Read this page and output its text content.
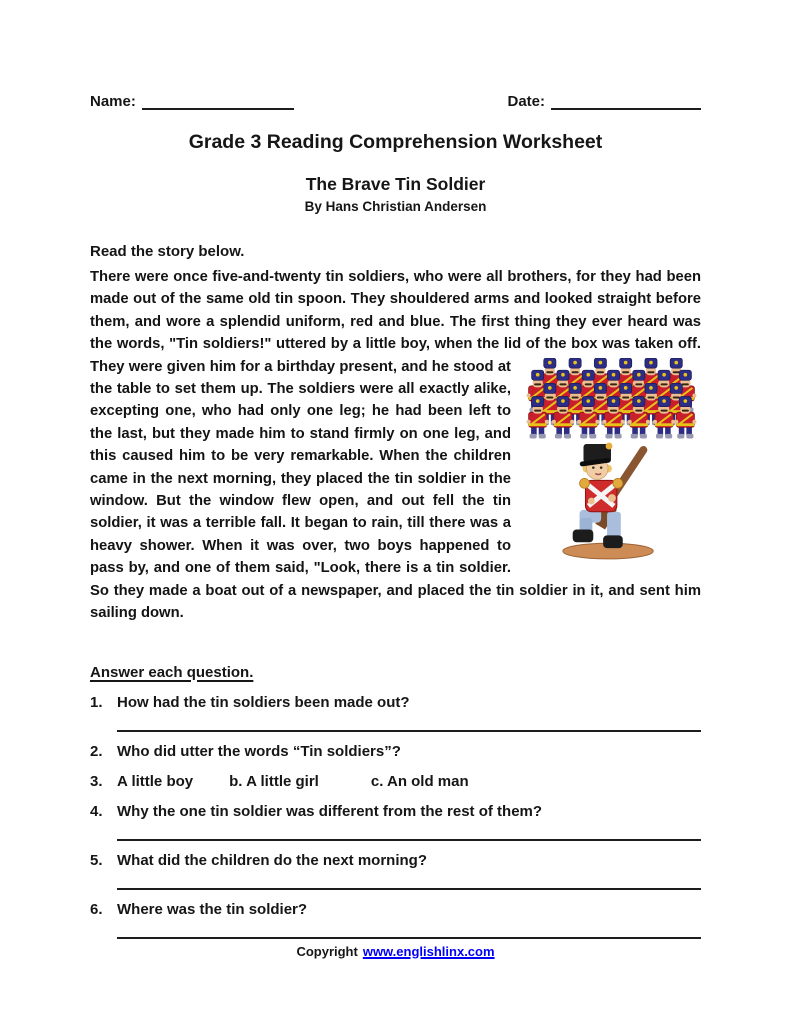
Name:	Date:
Grade 3 Reading Comprehension Worksheet
The Brave Tin Soldier
By Hans Christian Andersen

Read the story below.

There were once five-and-twenty tin soldiers, who were all brothers, for they had been made out of the same old tin spoon. They shouldered arms and looked straight before them, and wore a splendid uniform, red and blue. The first thing they ever heard was the words, "Tin soldiers!" uttered by a little boy, when the lid of the box was taken off. They were given him for a birthday
present, and he stood at the table to set them up. The soldiers were all exactly alike, excepting one, who had only one leg; he had been left to the last, but they made him to stand firmly on one leg, and this caused him to be very remarkable. When the children came in the next morning, they placed the tin soldier in the window. But the window flew open, and out fell the tin soldier, it was a terrible fall. It began to rain, till there was a heavy shower. When it was over, two boys happened to pass by, and one of them said, "Look, there is a tin soldier. So they made a boat out of a newspaper, and placed the tin soldier in it, and sent him sailing down.

Answer each question.

1. How had the tin soldiers been made out?
2. Who did utter the words “Tin soldiers”?
3. A little boy b. A little girl	c. An old man
4. Why the one tin soldier was different from the rest of them?
5. What did the children do the next morning?
6. Where was the tin soldier?
Copyright www.englishlinx.com
